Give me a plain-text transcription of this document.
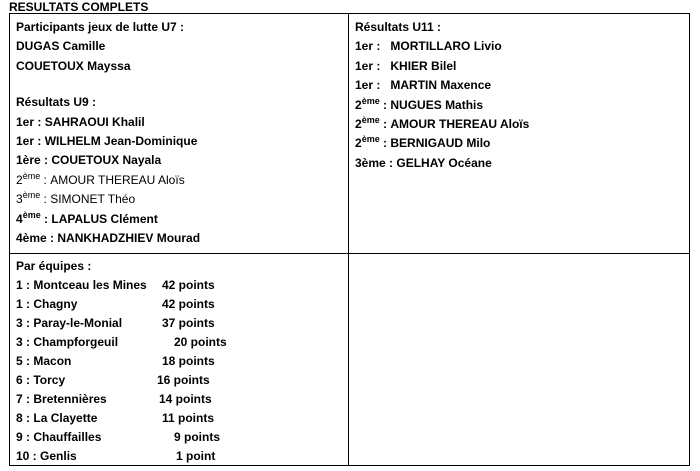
RESULTATS COMPLETS
Participants jeux de lutte U7 :
DUGAS Camille
COUETOUX Mayssa
Résultats U9 :
1er : SAHRAOUI Khalil
1er : WILHELM Jean-Dominique
1ère : COUETOUX Nayala
2ème : AMOUR THEREAU Aloïs
3ème : SIMONET Théo
4ème : LAPALUS Clément
4ème : NANKHADZHIEV Mourad
Résultats U11 :
1er : MORTILLARO Livio
1er : KHIER Bilel
1er : MARTIN Maxence
2ème : NUGUES Mathis
2ème : AMOUR THEREAU Aloïs
2ème : BERNIGAUD Milo
3ème : GELHAY Océane
Par équipes :
1 : Montceau les Mines 42 points
1 : Chagny	42 points
3 : Paray-le-Monial	37 points
3 : Champforgeuil	20 points
5 : Macon	18 points
6 : Torcy	16 points
7 : Bretennières	14 points
8 : La Clayette	11 points
9 : Chauffailles	9 points
10 : Genlis	1 point
